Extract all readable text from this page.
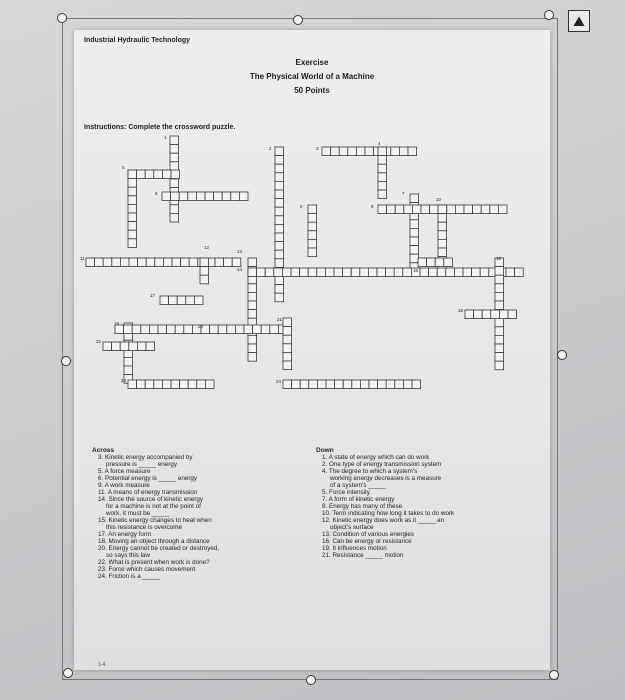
⛰
Industrial Hydraulic Technology
Exercise
The Physical World of a Machine
50 Points
Instructions: Complete the crossword puzzle.
1
2	3
4
5
6	7
8	9
10
11
12
13
14	15
16
17
18
19
20
21
22
23	24
Across
3. Kinetic energy accompanied by
pressure is _____ energy
5. A force measure
6. Potential energy is _____ energy
9. A work measure
11. A means of energy transmission
14. Since the source of kinetic energy
for a machine is not at the point of
work, it must be _____
15. Kinetic energy changes to heat when
this resistance is overcome
17. An energy form
18. Moving an object through a distance
20. Energy cannot be created or destroyed,
so says this law
22. What is present when work is done?
23. Force which causes movement
24. Friction is a _____
Down
1. A state of energy which can do work
2. One type of energy transmission system
4. The degree to which a system's
working energy decreases is a measure
of a system's _____
5. Force intensity
7. A form of kinetic energy
8. Energy has many of these
10. Term indicating how long it takes to do work
12. Kinetic energy does work as it _____ an
object's surface
13. Condition of various energies
16. Can be energy or resistance
19. It influences motion
21. Resistance _____ motion
1-4
